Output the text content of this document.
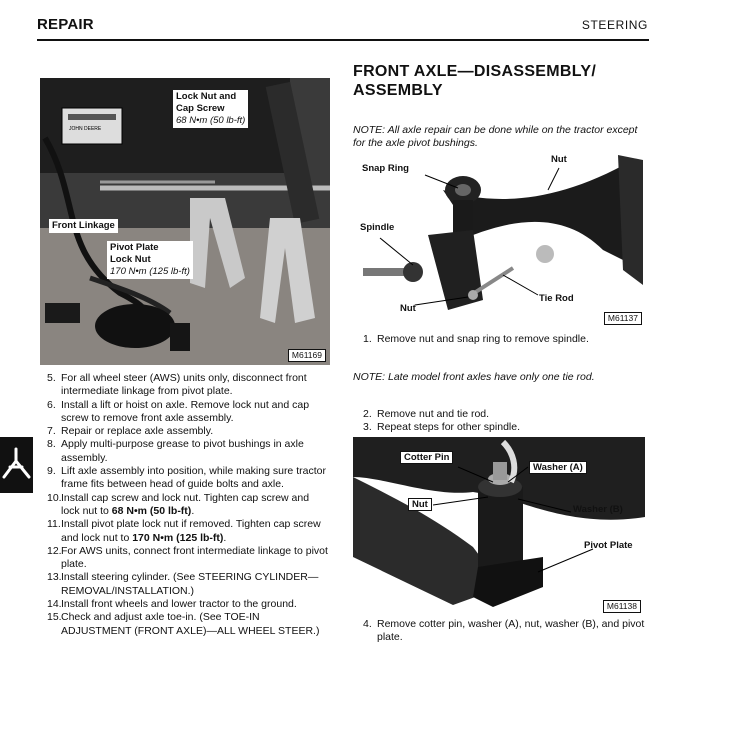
REPAIR	STEERING
JOHN DEERE
Lock Nut and
Cap Screw
68 N•m (50 lb-ft)
Front Linkage
Pivot Plate
Lock Nut
170 N•m (125 lb-ft)
M61169
5. For all wheel steer (AWS) units only, disconnect front intermediate linkage from pivot plate.
6. Install a lift or hoist on axle. Remove lock nut and cap screw to remove front axle assembly.
7. Repair or replace axle assembly.
8. Apply multi-purpose grease to pivot bushings in axle assembly.
9. Lift axle assembly into position, while making sure tractor frame fits between head of guide bolts and axle.
10. Install cap screw and lock nut. Tighten cap screw and lock nut to 68 N•m (50 lb-ft).
11. Install pivot plate lock nut if removed. Tighten cap screw and lock nut to 170 N•m (125 lb-ft).
12. For AWS units, connect front intermediate linkage to pivot plate.
13. Install steering cylinder. (See STEERING CYLINDER—REMOVAL/INSTALLATION.)
14. Install front wheels and lower tractor to the ground.
15. Check and adjust axle toe-in. (See TOE-IN ADJUSTMENT (FRONT AXLE)—ALL WHEEL STEER.)
FRONT AXLE—DISASSEMBLY/
ASSEMBLY
NOTE: All axle repair can be done while on the tractor except for the axle pivot bushings.
Snap Ring
Nut
Spindle
Nut
Tie Rod
M61137
1. Remove nut and snap ring to remove spindle.
NOTE: Late model front axles have only one tie rod.
2. Remove nut and tie rod.
3. Repeat steps for other spindle.
Cotter Pin
Washer (A)
Nut	Washer (B)
Pivot Plate
M61138
4. Remove cotter pin, washer (A), nut, washer (B), and pivot plate.
